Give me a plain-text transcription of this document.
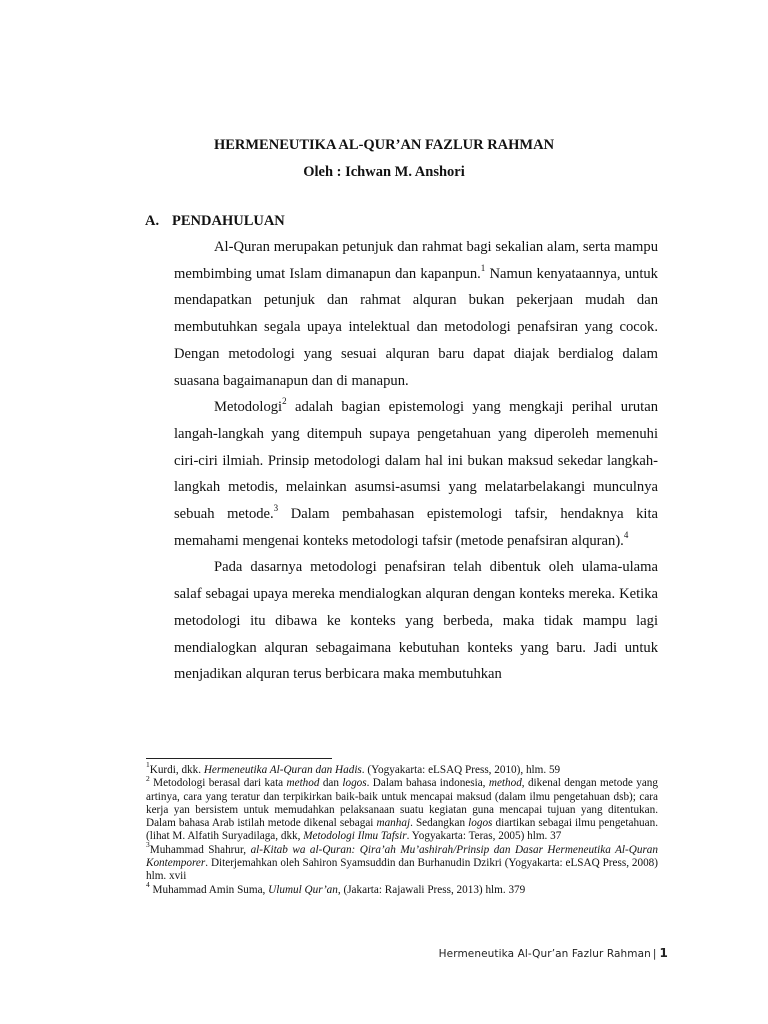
HERMENEUTIKA AL-QUR’AN FAZLUR RAHMAN
Oleh : Ichwan M. Anshori
A. PENDAHULUAN

Al-Quran merupakan petunjuk dan rahmat bagi sekalian alam, serta mampu membimbing umat Islam dimanapun dan kapanpun.$^1$ Namun kenyataannya, untuk mendapatkan petunjuk dan rahmat alquran bukan pekerjaan mudah dan membutuhkan segala upaya intelektual dan metodologi penafsiran yang cocok. Dengan metodologi yang sesuai alquran baru dapat diajak berdialog dalam suasana bagaimanapun dan di manapun.

Metodologi$^2$ adalah bagian epistemologi yang mengkaji perihal urutan langah-langkah yang ditempuh supaya pengetahuan yang diperoleh memenuhi ciri-ciri ilmiah. Prinsip metodologi dalam hal ini bukan maksud sekedar langkah-langkah metodis, melainkan asumsi-asumsi yang melatarbelakangi munculnya sebuah metode.$^3$ Dalam pembahasan epistemologi tafsir, hendaknya kita memahami mengenai konteks metodologi tafsir (metode penafsiran alquran).$^4$

Pada dasarnya metodologi penafsiran telah dibentuk oleh ulama-ulama salaf sebagai upaya mereka mendialogkan alquran dengan konteks mereka. Ketika metodologi itu dibawa ke konteks yang berbeda, maka tidak mampu lagi mendialogkan alquran sebagaimana kebutuhan konteks yang baru. Jadi untuk menjadikan alquran terus berbicara maka membutuhkan

$^1$Kurdi, dkk. Hermeneutika Al-Quran dan Hadis. (Yogyakarta: eLSAQ Press, 2010), hlm. 59

$^2$ Metodologi berasal dari kata method dan logos. Dalam bahasa indonesia, method, dikenal dengan metode yang artinya, cara yang teratur dan terpikirkan baik-baik untuk mencapai maksud (dalam ilmu pengetahuan dsb); cara kerja yan bersistem untuk memudahkan pelaksanaan suatu kegiatan guna mencapai tujuan yang ditentukan. Dalam bahasa Arab istilah metode dikenal sebagai manhaj. Sedangkan logos diartikan sebagai ilmu pengetahuan. (lihat M. Alfatih Suryadilaga, dkk, Metodologi Ilmu Tafsir. Yogyakarta: Teras, 2005) hlm. 37

$^3$Muhammad Shahrur, al-Kitab wa al-Quran: Qira’ah Mu’ashirah/Prinsip dan Dasar Hermeneutika Al-Quran Kontemporer. Diterjemahkan oleh Sahiron Syamsuddin dan Burhanudin Dzikri (Yogyakarta: eLSAQ Press, 2008) hlm. xvii

$^4$ Muhammad Amin Suma, Ulumul Qur’an, (Jakarta: Rajawali Press, 2013) hlm. 379

Hermeneutika Al-Qur’an Fazlur Rahman | 1
